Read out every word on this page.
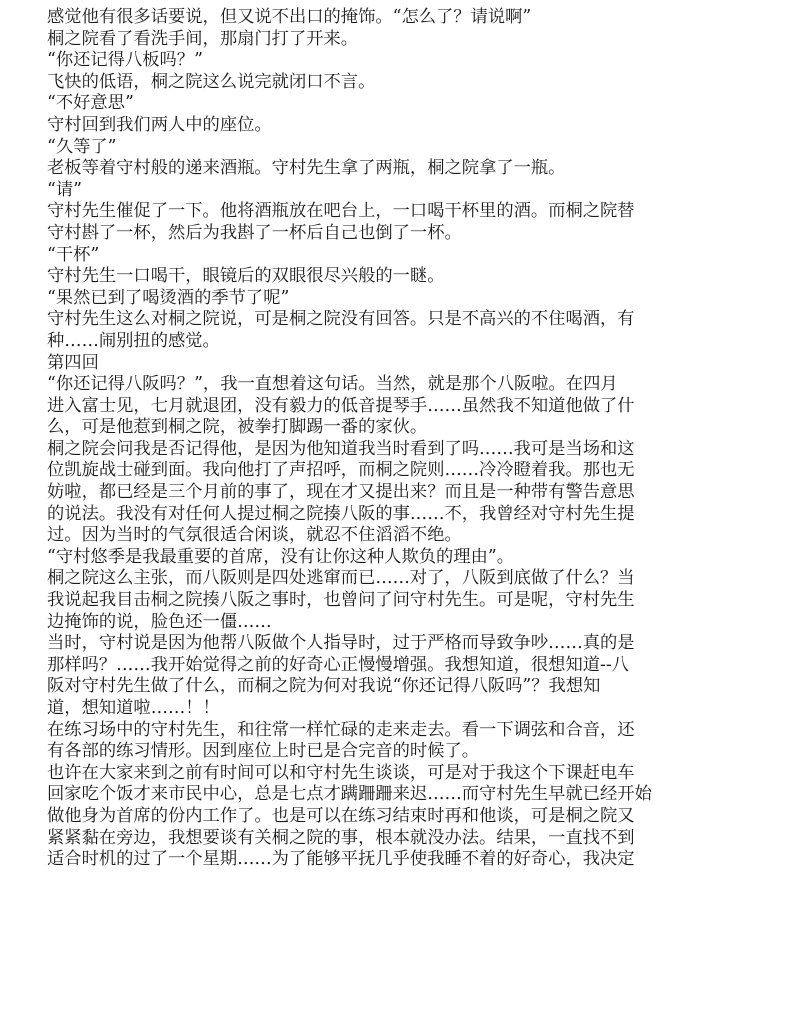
感觉他有很多话要说，但又说不出口的掩饰。“怎么了？请说啊”

桐之院看了看洗手间，那扇门打了开来。

“你还记得八板吗？”

飞快的低语，桐之院这么说完就闭口不言。

“不好意思”

守村回到我们两人中的座位。

“久等了”

老板等着守村般的递来酒瓶。守村先生拿了两瓶，桐之院拿了一瓶。

“请”

守村先生催促了一下。他将酒瓶放在吧台上，一口喝干杯里的酒。而桐之院替

守村斟了一杯，然后为我斟了一杯后自己也倒了一杯。

“干杯”

守村先生一口喝干，眼镜后的双眼很尽兴般的一瞇。

“果然已到了喝烫酒的季节了呢”

守村先生这么对桐之院说，可是桐之院没有回答。只是不高兴的不住喝酒，有

种……闹别扭的感觉。

第四回

“你还记得八阪吗？”，我一直想着这句话。当然，就是那个八阪啦。在四月

进入富士见，七月就退团，没有毅力的低音提琴手……虽然我不知道他做了什

么，可是他惹到桐之院，被拳打脚踢一番的家伙。

桐之院会问我是否记得他，是因为他知道我当时看到了吗……我可是当场和这

位凯旋战士碰到面。我向他打了声招呼，而桐之院则……冷冷瞪着我。那也无

妨啦，都已经是三个月前的事了，现在才又提出来？而且是一种带有警告意思

的说法。我没有对任何人提过桐之院揍八阪的事……不，我曾经对守村先生提

过。因为当时的气氛很适合闲谈，就忍不住滔滔不绝。

“守村悠季是我最重要的首席，没有让你这种人欺负的理由”。

桐之院这么主张，而八阪则是四处逃窜而已……对了，八阪到底做了什么？当

我说起我目击桐之院揍八阪之事时，也曾问了问守村先生。可是呢，守村先生

边掩饰的说，脸色还一僵……

当时，守村说是因为他帮八阪做个人指导时，过于严格而导致争吵……真的是

那样吗？……我开始觉得之前的好奇心正慢慢增强。我想知道，很想知道--八

阪对守村先生做了什么，而桐之院为何对我说“你还记得八阪吗”？我想知

道，想知道啦……！！

在练习场中的守村先生，和往常一样忙碌的走来走去。看一下调弦和合音，还

有各部的练习情形。因到座位上时已是合完音的时候了。

也许在大家来到之前有时间可以和守村先生谈谈，可是对于我这个下课赶电车

回家吃个饭才来市民中心，总是七点才蹒跚跚来迟……而守村先生早就已经开始

做他身为首席的份内工作了。也是可以在练习结束时再和他谈，可是桐之院又

紧紧黏在旁边，我想要谈有关桐之院的事，根本就没办法。结果，一直找不到

适合时机的过了一个星期……为了能够平抚几乎使我睡不着的好奇心，我决定
